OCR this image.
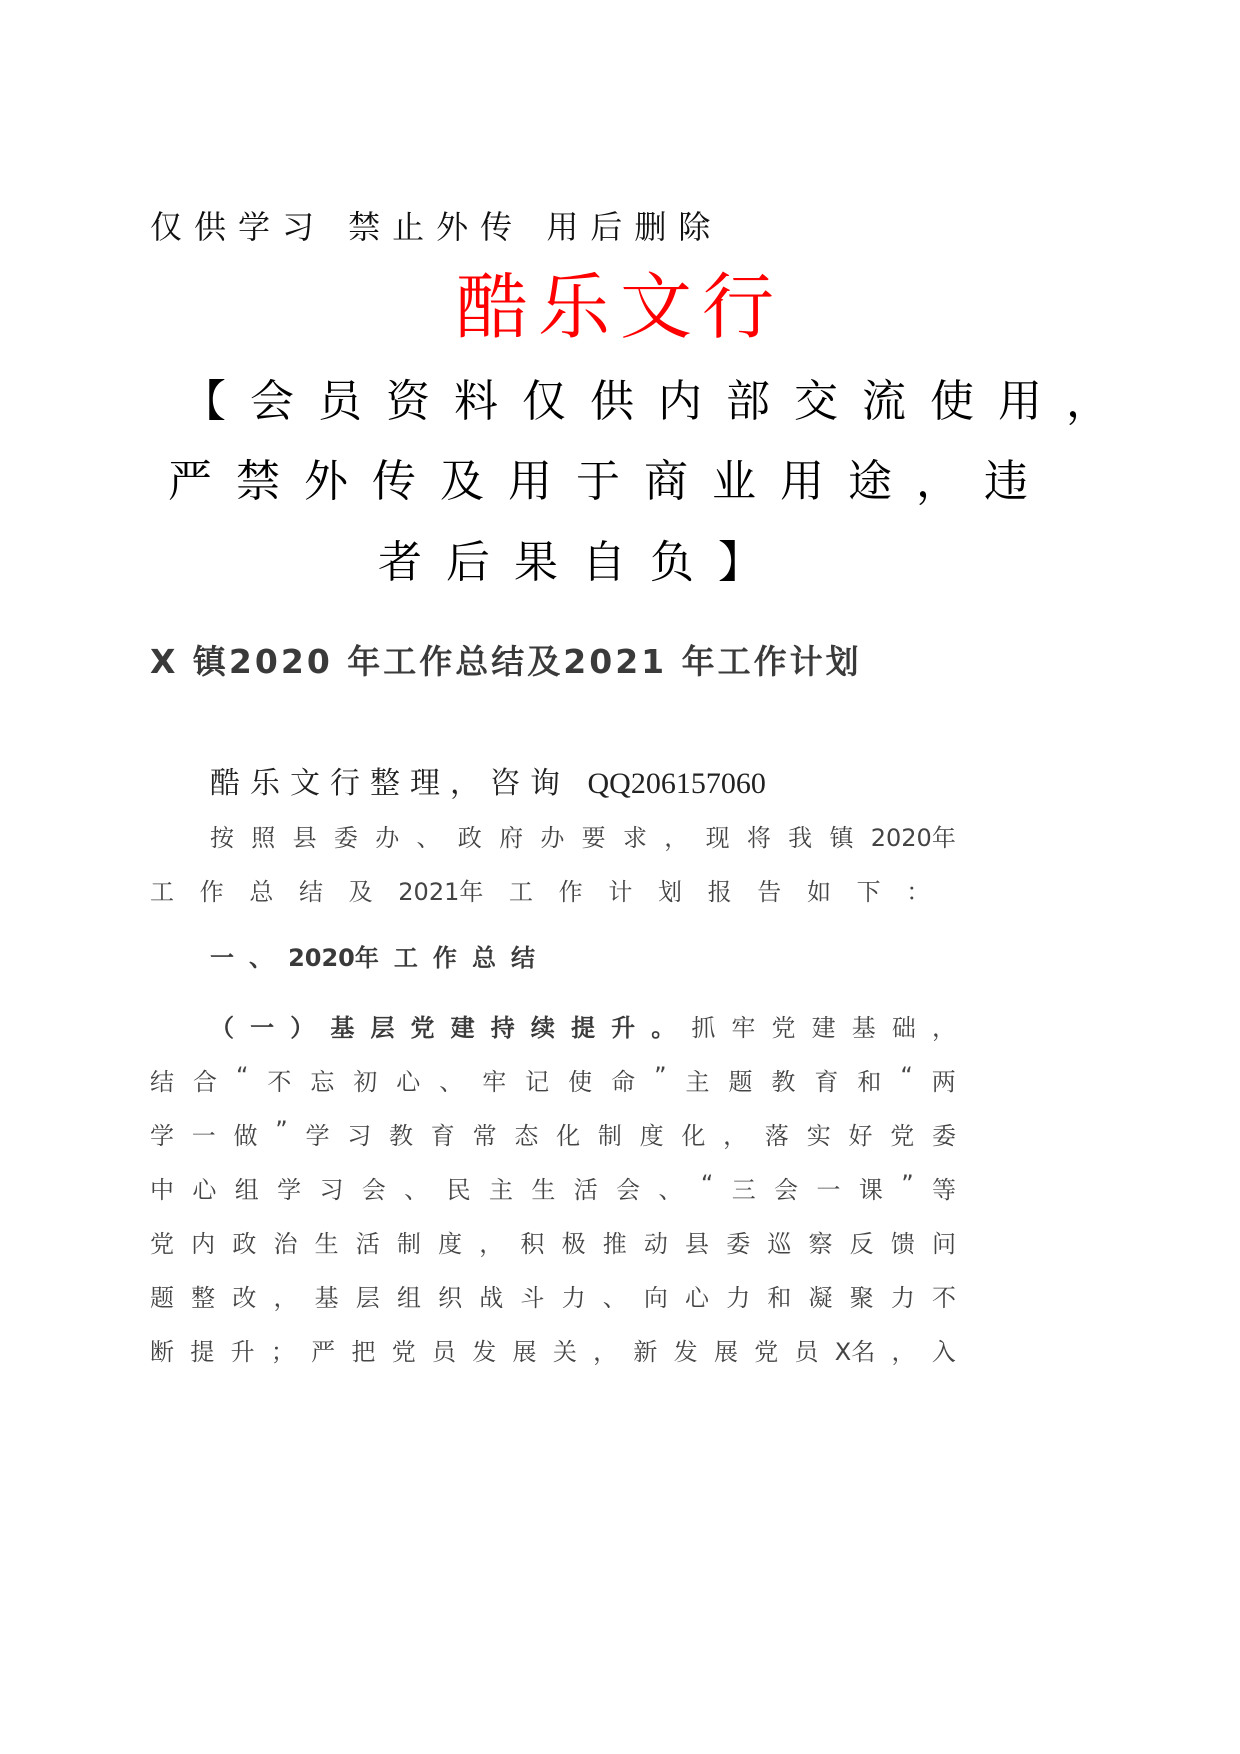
仅供学习 禁止外传 用后删除
酷乐文行
【会员资料仅供内部交流使用，
严禁外传及用于商业用途，违
者后果自负】
X 镇2020 年工作总结及2021 年工作计划
酷乐文行整理，咨询 QQ206157060
按 照 县 委 办 、 政 府 办 要 求 ， 现 将 我 镇 2020年
工 作 总 结 及 2021年 工 作 计 划 报 告 如 下 ：
一 、 2020年 工 作 总 结
（ 一 ） 基 层 党 建 持 续 提 升 。 抓 牢 党 建 基 础 ，
结 合 “ 不 忘 初 心 、 牢 记 使 命 ” 主 题 教 育 和 “ 两
学 一 做 ” 学 习 教 育 常 态 化 制 度 化 ， 落 实 好 党 委
中 心 组 学 习 会 、 民 主 生 活 会 、 “ 三 会 一 课 ” 等
党 内 政 治 生 活 制 度 ， 积 极 推 动 县 委 巡 察 反 馈 问
题 整 改 ， 基 层 组 织 战 斗 力 、 向 心 力 和 凝 聚 力 不
断 提 升 ； 严 把 党 员 发 展 关 ， 新 发 展 党 员 X名 ， 入
